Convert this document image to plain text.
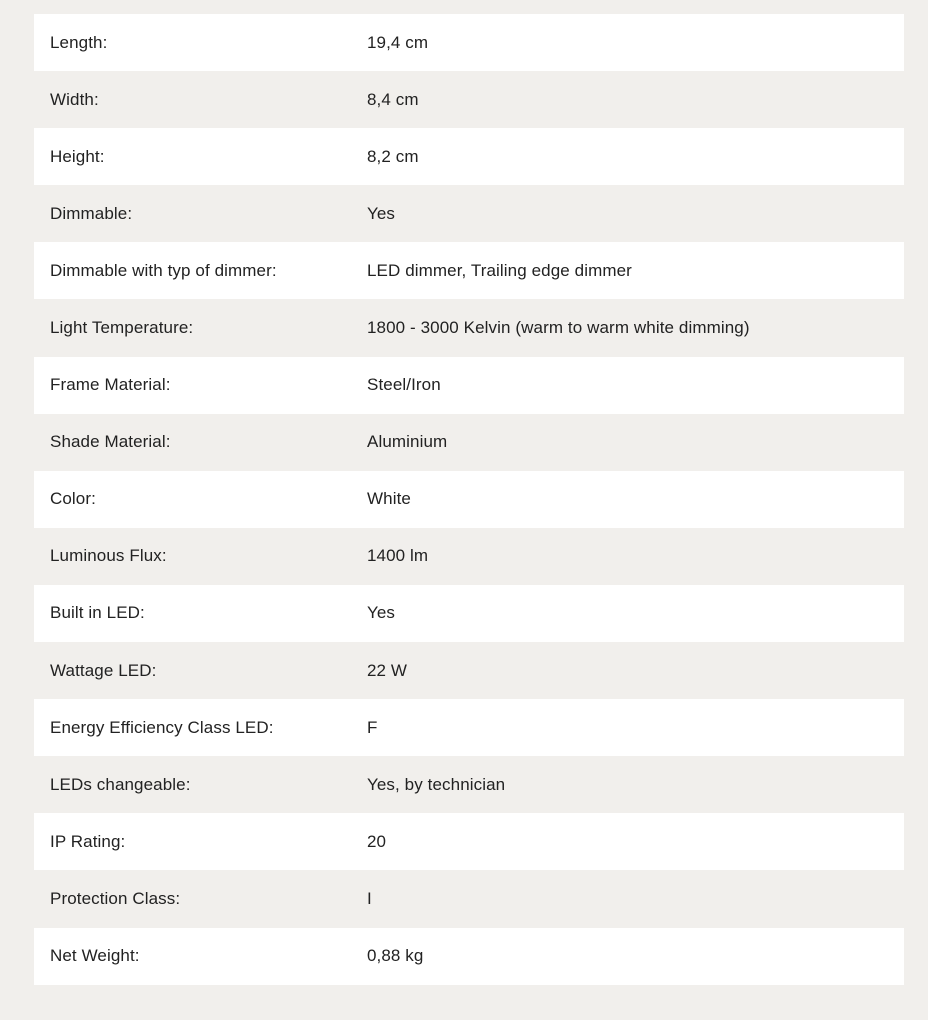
Length:	19,4 cm
Width:	8,4 cm
Height:	8,2 cm
Dimmable:	Yes
Dimmable with typ of dimmer:	LED dimmer, Trailing edge dimmer
Light Temperature:	1800 - 3000 Kelvin (warm to warm white dimming)
Frame Material:	Steel/Iron
Shade Material:	Aluminium
Color:	White
Luminous Flux:	1400 lm
Built in LED:	Yes
Wattage LED:	22 W
Energy Efficiency Class LED:	F
LEDs changeable:	Yes, by technician
IP Rating:	20
Protection Class:	I
Net Weight:	0,88 kg
